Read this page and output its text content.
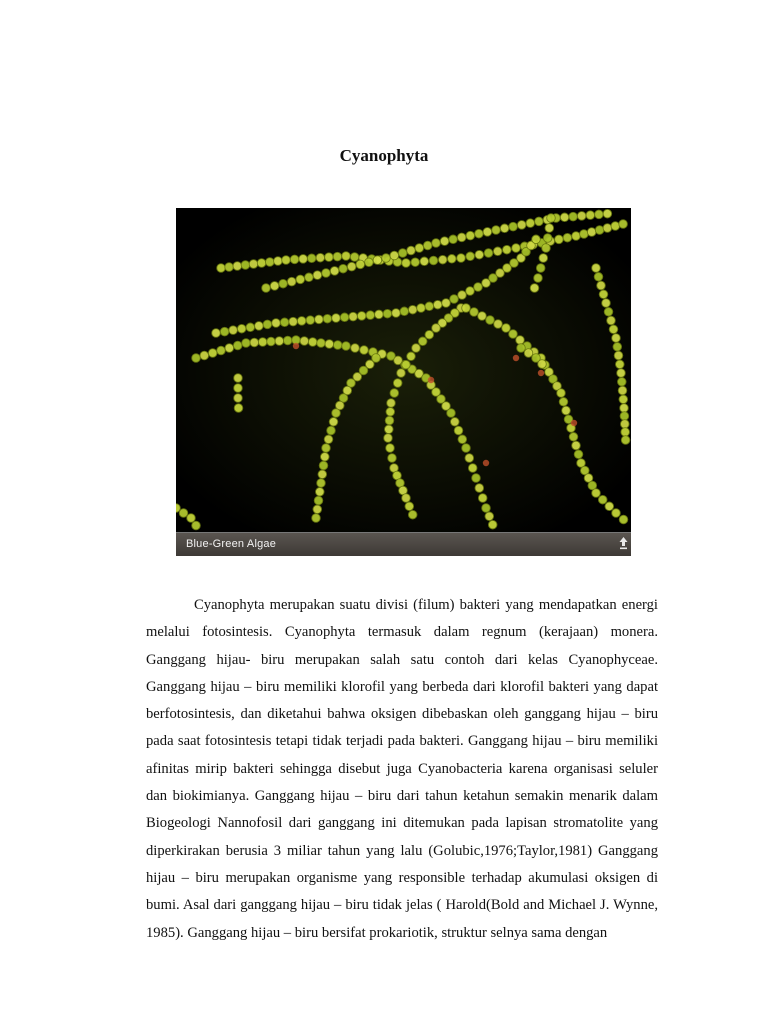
Cyanophyta
Blue-Green Algae

Cyanophyta merupakan suatu divisi (filum) bakteri yang mendapatkan energi melalui fotosintesis. Cyanophyta termasuk dalam regnum (kerajaan) monera. Ganggang hijau- biru merupakan salah satu contoh dari kelas Cyanophyceae. Ganggang hijau – biru memiliki klorofil yang berbeda dari klorofil bakteri yang dapat berfotosintesis, dan diketahui bahwa oksigen dibebaskan oleh ganggang hijau – biru pada saat fotosintesis tetapi tidak terjadi pada bakteri. Ganggang hijau – biru memiliki afinitas mirip bakteri sehingga disebut juga Cyanobacteria karena organisasi seluler dan biokimianya. Ganggang hijau – biru dari tahun ketahun semakin menarik dalam Biogeologi Nannofosil dari ganggang ini ditemukan pada lapisan stromatolite yang diperkirakan berusia 3 miliar tahun yang lalu (Golubic,1976;Taylor,1981) Ganggang hijau – biru merupakan organisme yang responsible terhadap akumulasi oksigen di bumi. Asal dari ganggang hijau – biru tidak jelas ( Harold(Bold and Michael J. Wynne, 1985). Ganggang hijau – biru bersifat prokariotik, struktur selnya sama dengan
